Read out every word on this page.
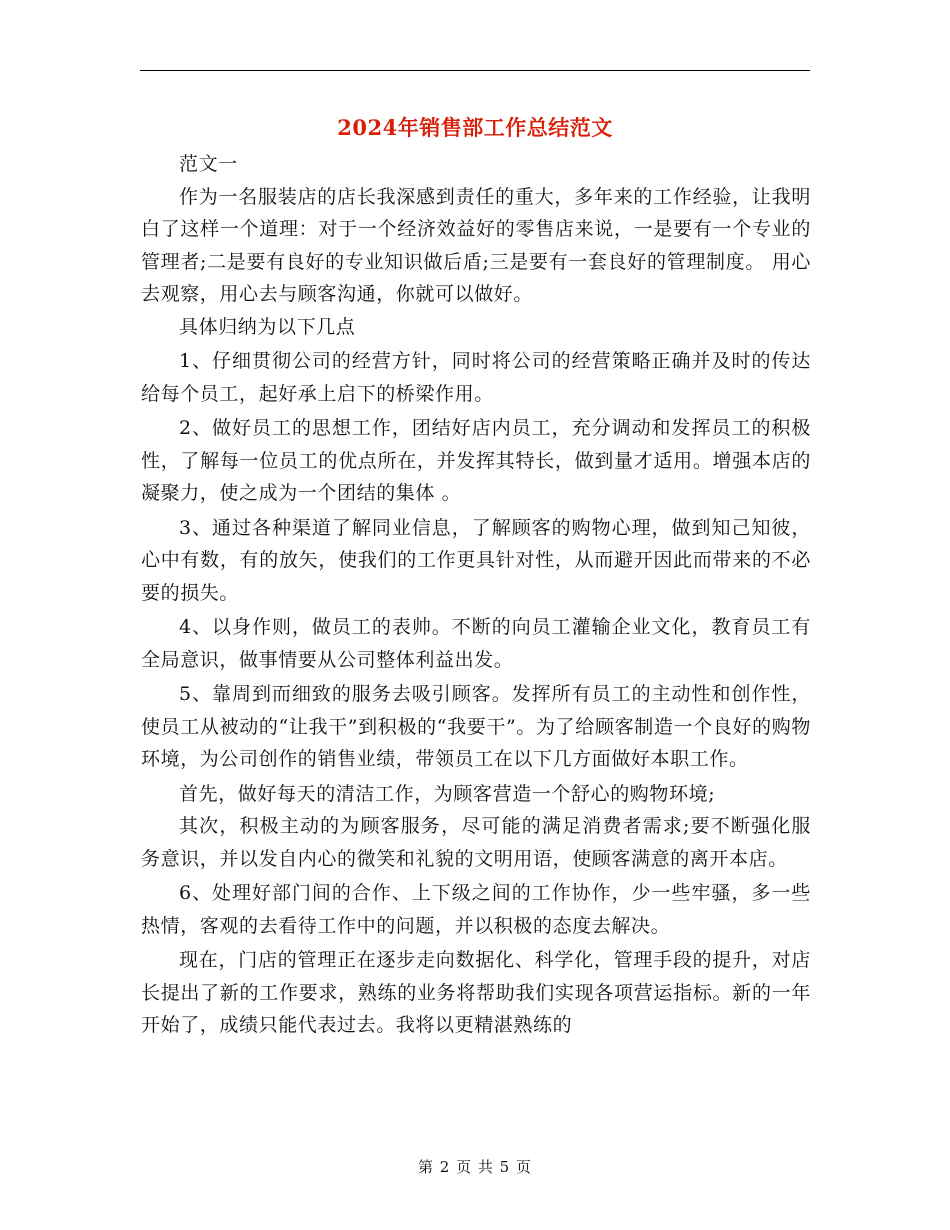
2024年销售部工作总结范文

范文一

作为一名服装店的店长我深感到责任的重大，多年来的工作经验，让我明白了这样一个道理：对于一个经济效益好的零售店来说，一是要有一个专业的管理者;二是要有良好的专业知识做后盾;三是要有一套良好的管理制度。 用心去观察，用心去与顾客沟通，你就可以做好。

具体归纳为以下几点

1、仔细贯彻公司的经营方针，同时将公司的经营策略正确并及时的传达给每个员工，起好承上启下的桥梁作用。

2、做好员工的思想工作，团结好店内员工，充分调动和发挥员工的积极性，了解每一位员工的优点所在，并发挥其特长，做到量才适用。增强本店的凝聚力，使之成为一个团结的集体 。

3、通过各种渠道了解同业信息，了解顾客的购物心理，做到知己知彼，心中有数，有的放矢，使我们的工作更具针对性，从而避开因此而带来的不必要的损失。

4、以身作则，做员工的表帅。不断的向员工灌输企业文化，教育员工有全局意识，做事情要从公司整体利益出发。

5、靠周到而细致的服务去吸引顾客。发挥所有员工的主动性和创作性，使员工从被动的“让我干”到积极的“我要干”。为了给顾客制造一个良好的购物环境，为公司创作的销售业绩，带领员工在以下几方面做好本职工作。

首先，做好每天的清洁工作，为顾客营造一个舒心的购物环境;

其次，积极主动的为顾客服务，尽可能的满足消费者需求;要不断强化服务意识，并以发自内心的微笑和礼貌的文明用语，使顾客满意的离开本店。

6、处理好部门间的合作、上下级之间的工作协作，少一些牢骚，多一些热情，客观的去看待工作中的问题，并以积极的态度去解决。

现在，门店的管理正在逐步走向数据化、科学化，管理手段的提升，对店长提出了新的工作要求，熟练的业务将帮助我们实现各项营运指标。新的一年开始了，成绩只能代表过去。我将以更精湛熟练的

第 2 页 共 5 页
